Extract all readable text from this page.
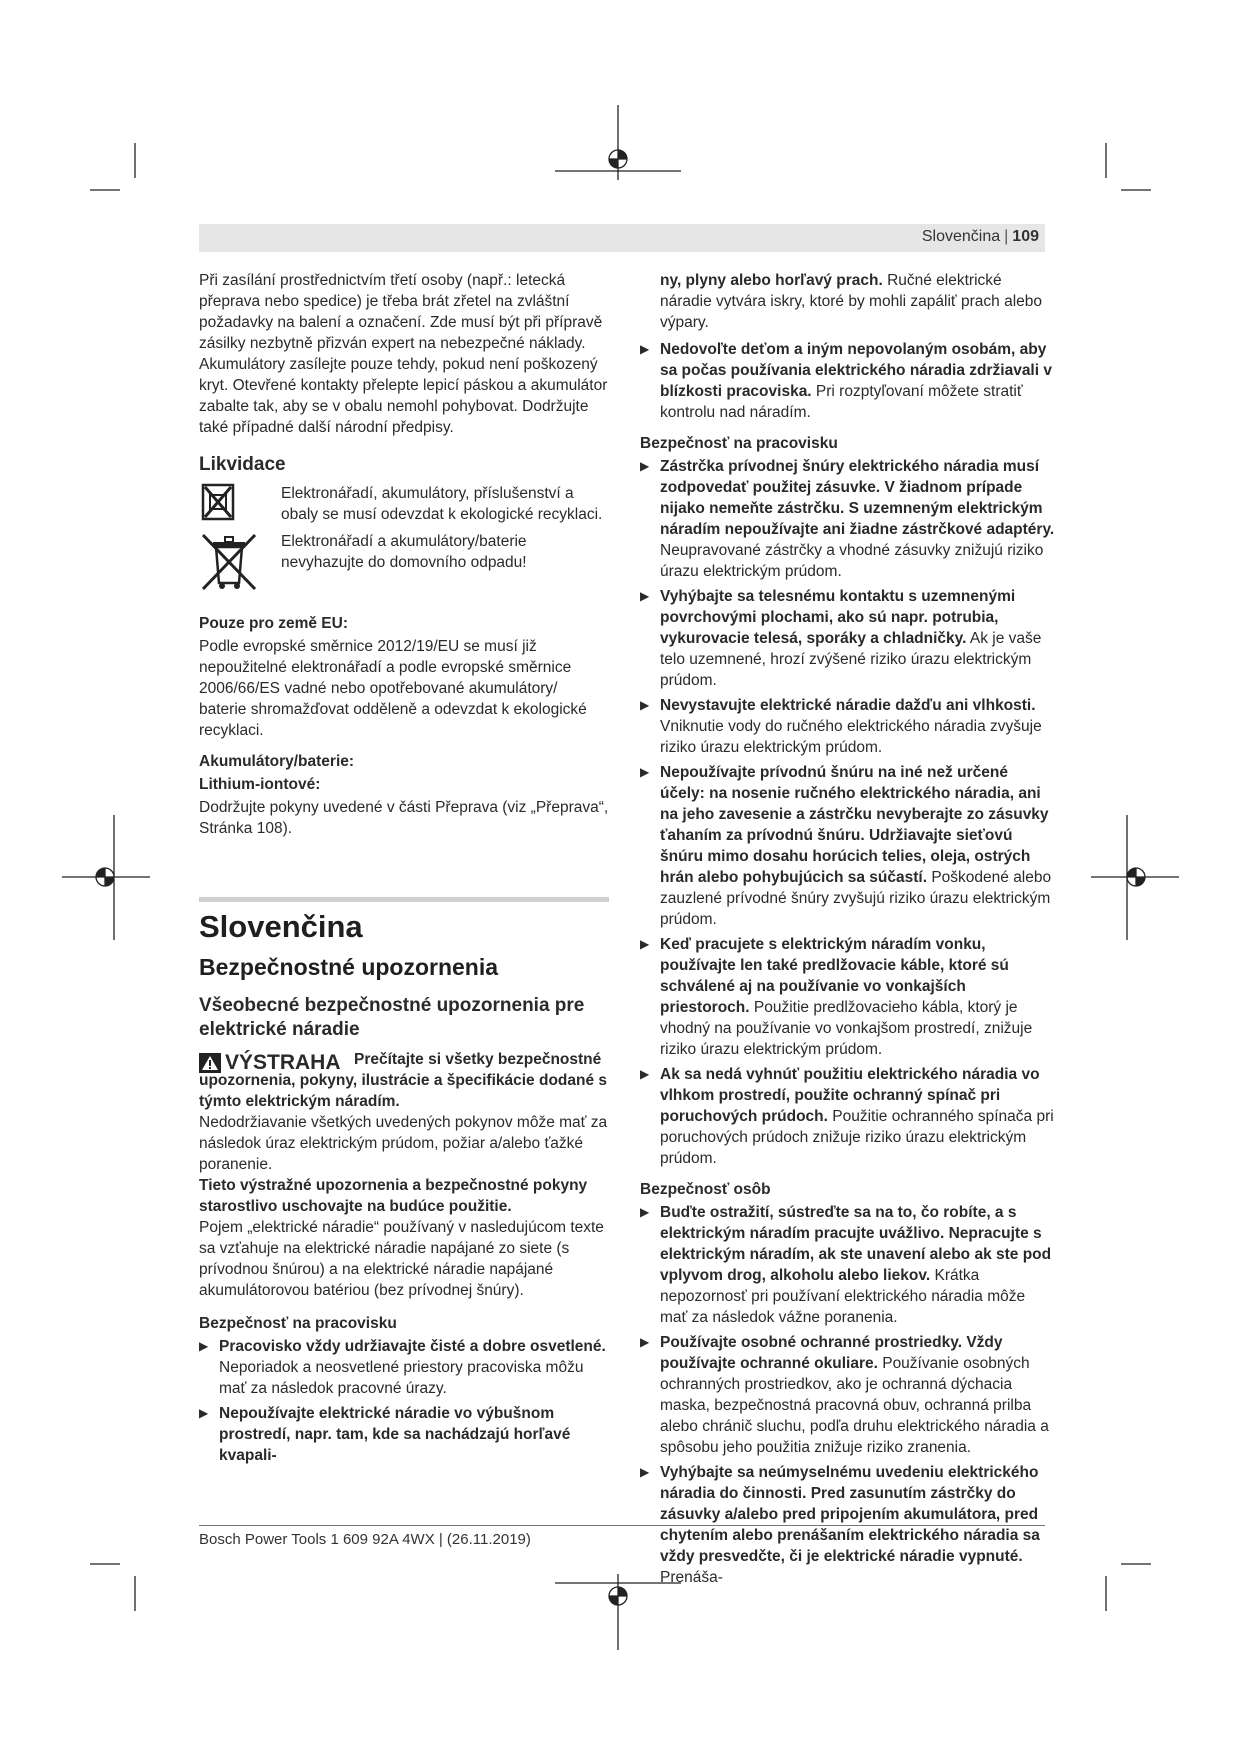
Slovenčina | 109

Při zasílání prostřednictvím třetí osoby (např.: letecká přeprava nebo spedice) je třeba brát zřetel na zvláštní požadavky na balení a označení. Zde musí být při přípravě zásilky nezbytně přizván expert na nebezpečné náklady.

Akumulátory zasílejte pouze tehdy, pokud není poškozený kryt. Otevřené kontakty přelepte lepicí páskou a akumulátor zabalte tak, aby se v obalu nemohl pohybovat. Dodržujte také případné další národní předpisy.

Likvidace
Elektronářadí, akumulátory, příslušenství a obaly se musí odevzdat k ekologické recyklaci.
Elektronářadí a akumulátory/baterie nevyhazujte do domovního odpadu!
Pouze pro země EU:

Podle evropské směrnice 2012/19/EU se musí již nepoužitelné elektronářadí a podle evropské směrnice 2006/66/ES vadné nebo opotřebované akumulátory/ baterie shromažďovat odděleně a odevzdat k ekologické recyklaci.

Akumulátory/baterie:
Lithium-iontové:

Dodržujte pokyny uvedené v části Přeprava (viz „Přeprava“, Stránka 108).

Slovenčina
Bezpečnostné upozornenia
Všeobecné bezpečnostné upozornenia pre elektrické náradie
VÝSTRAHA Prečítajte si všetky bezpečnostné upozornenia, pokyny, ilustrácie a špecifikácie dodané s týmto elektrickým náradím.

Nedodržiavanie všetkých uvedených pokynov môže mať za následok úraz elektrickým prúdom, požiar a/alebo ťažké poranenie.

Tieto výstražné upozornenia a bezpečnostné pokyny starostlivo uschovajte na budúce použitie.

Pojem „elektrické náradie“ používaný v nasledujúcom texte sa vzťahuje na elektrické náradie napájané zo siete (s prívodnou šnúrou) a na elektrické náradie napájané akumulátorovou batériou (bez prívodnej šnúry).

Bezpečnosť na pracovisku
▶ Pracovisko vždy udržiavajte čisté a dobre osvetlené. Neporiadok a neosvetlené priestory pracoviska môžu mať za následok pracovné úrazy.
▶ Nepoužívajte elektrické náradie vo výbušnom prostredí, napr. tam, kde sa nachádzajú horľavé kvapali-

ny, plyny alebo horľavý prach. Ručné elektrické náradie vytvára iskry, ktoré by mohli zapáliť prach alebo výpary.

▶ Nedovoľte deťom a iným nepovolaným osobám, aby sa počas používania elektrického náradia zdržiavali v blízkosti pracoviska. Pri rozptyľovaní môžete stratiť kontrolu nad náradím.
Bezpečnosť na pracovisku
▶ Zástrčka prívodnej šnúry elektrického náradia musí zodpovedať použitej zásuvke. V žiadnom prípade nijako nemeňte zástrčku. S uzemneným elektrickým náradím nepoužívajte ani žiadne zástrčkové adaptéry. Neupravované zástrčky a vhodné zásuvky znižujú riziko úrazu elektrickým prúdom.
▶ Vyhýbajte sa telesnému kontaktu s uzemnenými povrchovými plochami, ako sú napr. potrubia, vykurovacie telesá, sporáky a chladničky. Ak je vaše telo uzemnené, hrozí zvýšené riziko úrazu elektrickým prúdom.
▶ Nevystavujte elektrické náradie dažďu ani vlhkosti. Vniknutie vody do ručného elektrického náradia zvyšuje riziko úrazu elektrickým prúdom.
▶ Nepoužívajte prívodnú šnúru na iné než určené účely: na nosenie ručného elektrického náradia, ani na jeho zavesenie a zástrčku nevyberajte zo zásuvky ťahaním za prívodnú šnúru. Udržiavajte sieťovú šnúru mimo dosahu horúcich telies, oleja, ostrých hrán alebo pohybujúcich sa súčastí. Poškodené alebo zauzlené prívodné šnúry zvyšujú riziko úrazu elektrickým prúdom.
▶ Keď pracujete s elektrickým náradím vonku, používajte len také predlžovacie káble, ktoré sú schválené aj na používanie vo vonkajších priestoroch. Použitie predlžovacieho kábla, ktorý je vhodný na používanie vo vonkajšom prostredí, znižuje riziko úrazu elektrickým prúdom.
▶ Ak sa nedá vyhnúť použitiu elektrického náradia vo vlhkom prostredí, použite ochranný spínač pri poruchových prúdoch. Použitie ochranného spínača pri poruchových prúdoch znižuje riziko úrazu elektrickým prúdom.
Bezpečnosť osôb
▶ Buďte ostražití, sústreďte sa na to, čo robíte, a s elektrickým náradím pracujte uvážlivo. Nepracujte s elektrickým náradím, ak ste unavení alebo ak ste pod vplyvom drog, alkoholu alebo liekov. Krátka nepozornosť pri používaní elektrického náradia môže mať za následok vážne poranenia.
▶ Používajte osobné ochranné prostriedky. Vždy používajte ochranné okuliare. Používanie osobných ochranných prostriedkov, ako je ochranná dýchacia maska, bezpečnostná pracovná obuv, ochranná prilba alebo chránič sluchu, podľa druhu elektrického náradia a spôsobu jeho použitia znižuje riziko zranenia.
▶ Vyhýbajte sa neúmyselnému uvedeniu elektrického náradia do činnosti. Pred zasunutím zástrčky do zásuvky a/alebo pred pripojením akumulátora, pred chytením alebo prenášaním elektrického náradia sa vždy presvedčte, či je elektrické náradie vypnuté. Prenáša-
Bosch Power Tools 1 609 92A 4WX | (26.11.2019)
